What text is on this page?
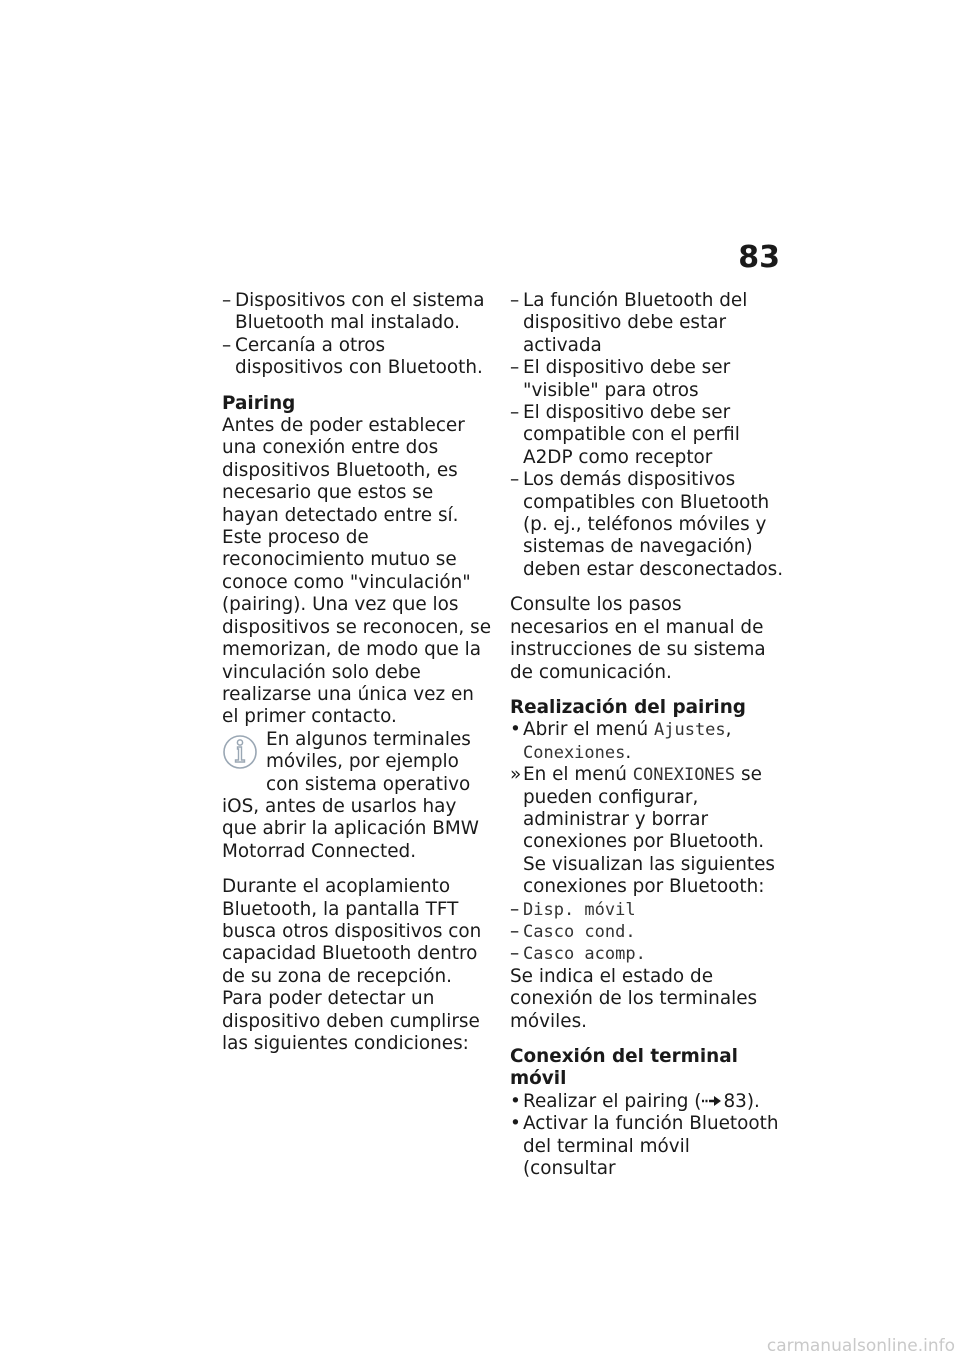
83

– Dispositivos con el sistema Bluetooth mal instalado.

– Cercanía a otros dispositivos con Bluetooth.

Pairing

Antes de poder establecer una conexión entre dos dispositivos Bluetooth, es necesario que estos se hayan detectado entre sí. Este proceso de reconocimiento mutuo se conoce como "vinculación" (pairing). Una vez que los dispositivos se reconocen, se memorizan, de modo que la vinculación solo debe realizarse una única vez en el primer contacto.

En algunos terminales móviles, por ejemplo con sistema operativo iOS, antes de usarlos hay que abrir la aplicación BMW Motorrad Connected.

Durante el acoplamiento Bluetooth, la pantalla TFT busca otros dispositivos con capacidad Bluetooth dentro de su zona de recepción. Para poder detectar un dispositivo deben cumplirse las siguientes condiciones:

– La función Bluetooth del dispositivo debe estar activada

– El dispositivo debe ser "visible" para otros

– El dispositivo debe ser compatible con el perfil A2DP como receptor

– Los demás dispositivos compatibles con Bluetooth (p. ej., teléfonos móviles y sistemas de navegación) deben estar desconectados.

Consulte los pasos necesarios en el manual de instrucciones de su sistema de comunicación.

Realización del pairing

• Abrir el menú Ajustes, Conexiones.

» En el menú CONEXIONES se pueden configurar, administrar y borrar conexiones por Bluetooth. Se visualizan las siguientes conexiones por Bluetooth:

– Disp. móvil

– Casco cond.

– Casco acomp.

Se indica el estado de conexión de los terminales móviles.

Conexión del terminal móvil

• Realizar el pairing ( 83).

• Activar la función Bluetooth del terminal móvil (consultar

carmanualsonline.info
